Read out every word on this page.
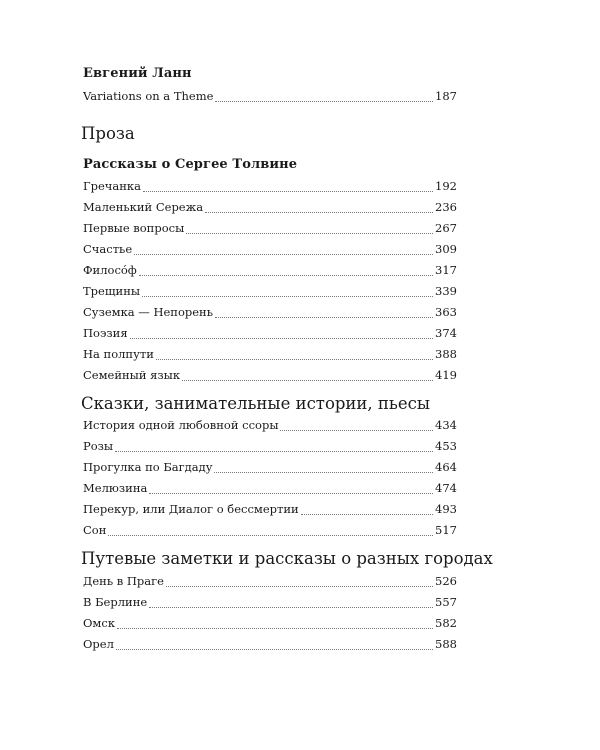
Евгений Ланн
Variations on a Theme	187
Проза
Рассказы о Сергее Толвине
Гречанка	192
Маленький Сережа	236
Первые вопросы	267
Счастье	309
Филосо́ф	317
Трещины	339
Суземка — Непорень	363
Поэзия	374
На полпути	388
Семейный язык	419
Сказки, занимательные истории, пьесы
История одной любовной ссоры	434
Розы	453
Прогулка по Багдаду	464
Мелюзина	474
Перекур, или Диалог о бессмертии	493
Сон	517
Путевые заметки и рассказы о разных городах
День в Праге	526
В Берлине	557
Омск	582
Орел	588
